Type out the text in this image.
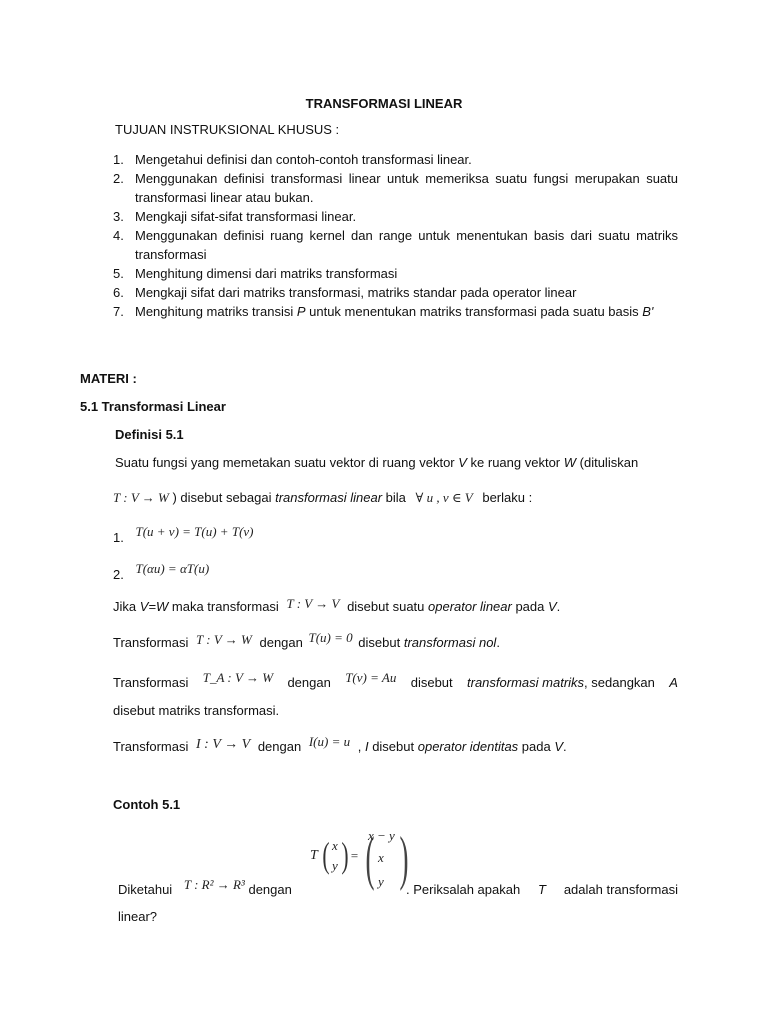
TRANSFORMASI LINEAR
TUJUAN INSTRUKSIONAL KHUSUS :
1. Mengetahui definisi dan contoh-contoh transformasi linear.
2. Menggunakan definisi transformasi linear untuk memeriksa suatu fungsi merupakan suatu transformasi linear atau bukan.
3. Mengkaji sifat-sifat transformasi linear.
4. Menggunakan definisi ruang kernel dan range untuk menentukan basis dari suatu matriks transformasi
5. Menghitung dimensi dari matriks transformasi
6. Mengkaji sifat dari matriks transformasi, matriks standar pada operator linear
7. Menghitung matriks transisi P untuk menentukan matriks transformasi pada suatu basis B'
MATERI :
5.1 Transformasi Linear
Definisi 5.1
Suatu fungsi yang memetakan suatu vektor di ruang vektor V ke ruang vektor W (dituliskan
T : V → W ) disebut sebagai transformasi linear bila ∀ u , v ∈ V berlaku :
1. T(u + v) = T(u) + T(v)
2. T(αu) = αT(u)
Jika V=W maka transformasi T : V → V disebut suatu operator linear pada V.
Transformasi T : V → W dengan T(u) = 0 disebut transformasi nol.
Transformasi T_A : V → W dengan T(v) = Au disebut transformasi matriks, sedangkan A
disebut matriks transformasi.
Transformasi I : V → V dengan I(u) = u , I disebut operator identitas pada V.
Contoh 5.1
T ( x
y ) = (
x − y
x
y )
Diketahui T : R² → R³ dengan	. Periksalah apakah T adalah transformasi
linear?
